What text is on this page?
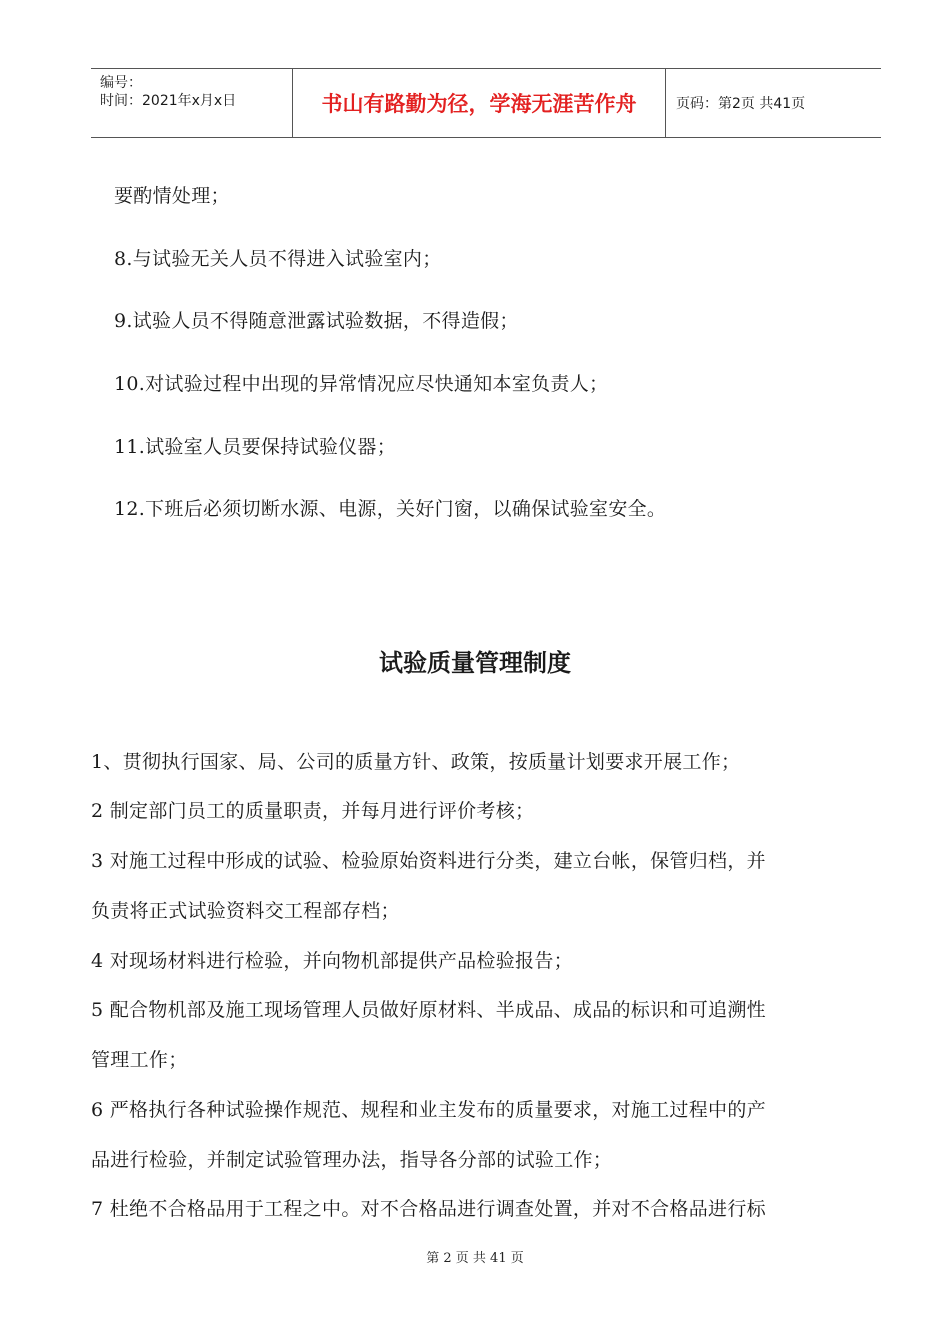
编号：
时间：2021年x月x日	书山有路勤为径，学海无涯苦作舟	页码：第2页 共41页
要酌情处理；
8.与试验无关人员不得进入试验室内；
9.试验人员不得随意泄露试验数据，不得造假；
10.对试验过程中出现的异常情况应尽快通知本室负责人；
11.试验室人员要保持试验仪器；
12.下班后必须切断水源、电源，关好门窗，以确保试验室安全。
试验质量管理制度
1、贯彻执行国家、局、公司的质量方针、政策，按质量计划要求开展工作；
2 制定部门员工的质量职责，并每月进行评价考核；
3 对施工过程中形成的试验、检验原始资料进行分类，建立台帐，保管归档，并
负责将正式试验资料交工程部存档；
4 对现场材料进行检验，并向物机部提供产品检验报告；
5 配合物机部及施工现场管理人员做好原材料、半成品、成品的标识和可追溯性
管理工作；
6 严格执行各种试验操作规范、规程和业主发布的质量要求，对施工过程中的产
品进行检验，并制定试验管理办法，指导各分部的试验工作；
7 杜绝不合格品用于工程之中。对不合格品进行调查处置，并对不合格品进行标
第 2 页 共 41 页
